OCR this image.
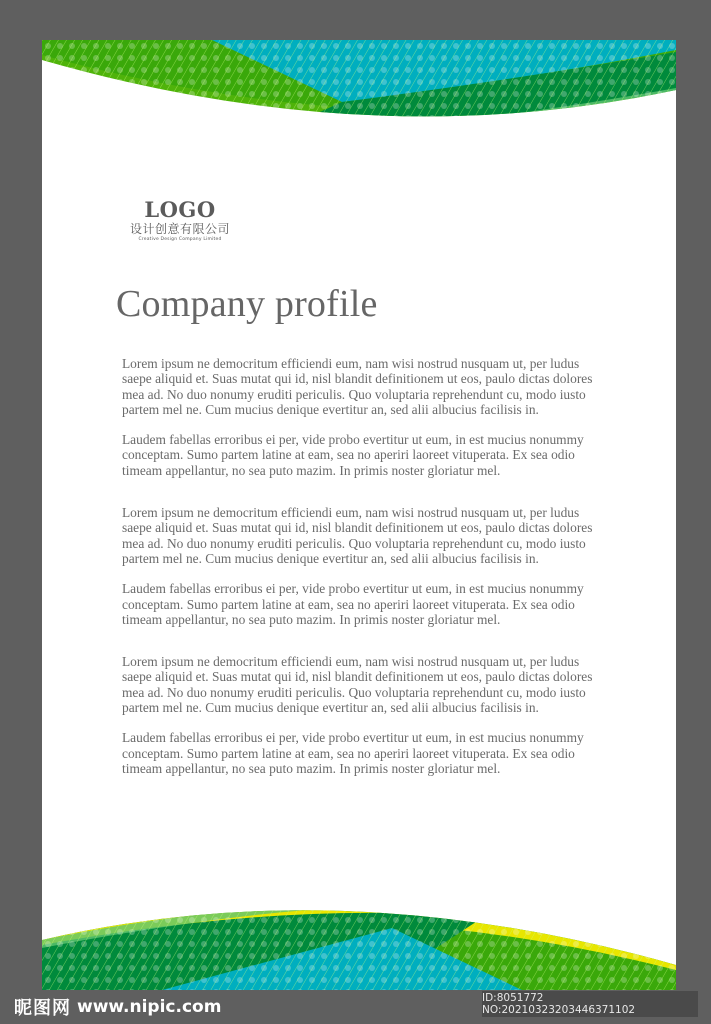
LOGO
设计创意有限公司
Creative Design Company Limited
Company profile

Lorem ipsum ne democritum efficiendi eum, nam wisi nostrud nusquam ut, per ludus saepe aliquid et. Suas mutat qui id, nisl blandit definitionem ut eos, paulo dictas dolores mea ad. No duo nonumy eruditi periculis. Quo voluptaria reprehendunt cu, modo iusto partem mel ne. Cum mucius denique evertitur an, sed alii albucius facilisis in.

Laudem fabellas erroribus ei per, vide probo evertitur ut eum, in est mucius nonummy conceptam. Sumo partem latine at eam, sea no aperiri laoreet vituperata. Ex sea odio timeam appellantur, no sea puto mazim. In primis noster gloriatur mel.

Lorem ipsum ne democritum efficiendi eum, nam wisi nostrud nusquam ut, per ludus saepe aliquid et. Suas mutat qui id, nisl blandit definitionem ut eos, paulo dictas dolores mea ad. No duo nonumy eruditi periculis. Quo voluptaria reprehendunt cu, modo iusto partem mel ne. Cum mucius denique evertitur an, sed alii albucius facilisis in.

Laudem fabellas erroribus ei per, vide probo evertitur ut eum, in est mucius nonummy conceptam. Sumo partem latine at eam, sea no aperiri laoreet vituperata. Ex sea odio timeam appellantur, no sea puto mazim. In primis noster gloriatur mel.

Lorem ipsum ne democritum efficiendi eum, nam wisi nostrud nusquam ut, per ludus saepe aliquid et. Suas mutat qui id, nisl blandit definitionem ut eos, paulo dictas dolores mea ad. No duo nonumy eruditi periculis. Quo voluptaria reprehendunt cu, modo iusto partem mel ne. Cum mucius denique evertitur an, sed alii albucius facilisis in.

Laudem fabellas erroribus ei per, vide probo evertitur ut eum, in est mucius nonummy conceptam. Sumo partem latine at eam, sea no aperiri laoreet vituperata. Ex sea odio timeam appellantur, no sea puto mazim. In primis noster gloriatur mel.

昵图网 www.nipic.com	ID:8051772 NO:20210323203446371102
